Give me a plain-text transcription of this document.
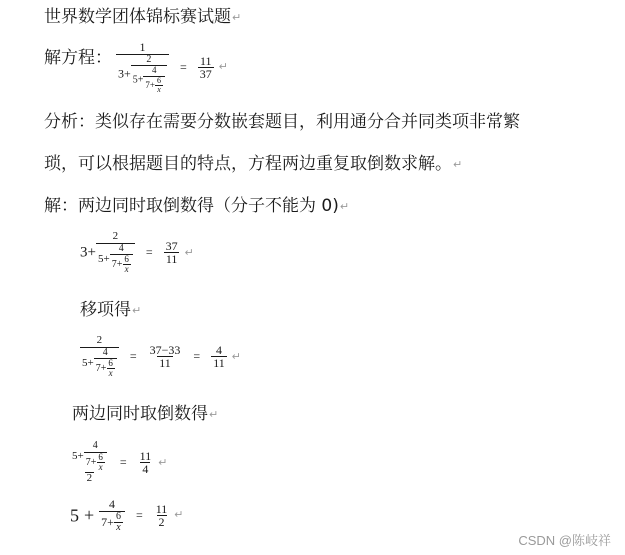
世界数学团体锦标赛试题↵
解方程： $\frac{1}{3+ \frac{2}{5+ \frac{4}{7+ \frac{6}{x}}}} = \frac{11}{37}$ ↵
分析：类似存在需要分数嵌套题目，利用通分合并同类项非常繁
琐，可以根据题目的特点，方程两边重复取倒数求解。↵
解：两边同时取倒数得（分子不能为 0)↵
$3+ \frac{2}{5+ \frac{4}{7+ \frac{6}{x}}} = \frac{37}{11}$ ↵
移项得↵
$\frac{2}{5+ \frac{4}{7+ \frac{6}{x}}} = \frac{37-33}{11} = \frac{4}{11}$ ↵
两边同时取倒数得↵
$\frac{5+ \frac{4}{7+ \frac{6}{x}}}{2} = \frac{11}{4}$ ↵
$5 + \frac{4}{7+ \frac{6}{x}} = \frac{11}{2}$ ↵
CSDN @陈岐祥
